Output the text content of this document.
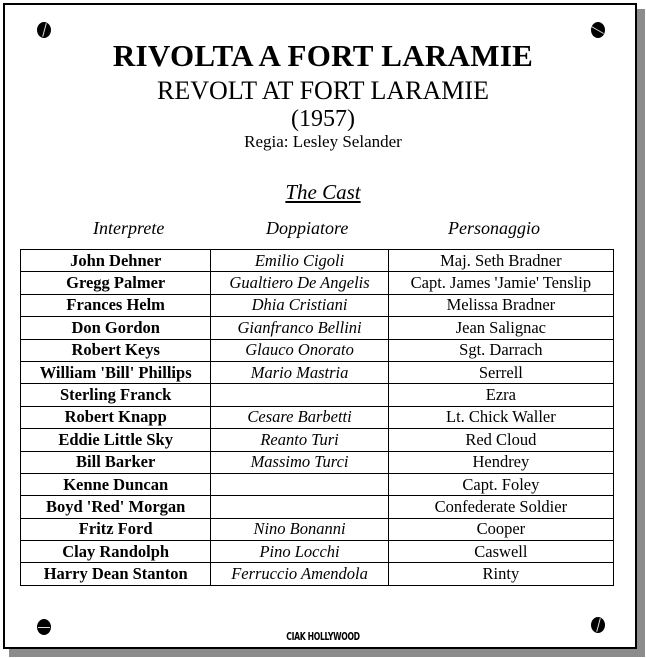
RIVOLTA A FORT LARAMIE
REVOLT AT FORT LARAMIE
(1957)
Regia: Lesley Selander
The Cast
Interprete	Doppiatore	Personaggio
John Dehner	Emilio Cigoli	Maj. Seth Bradner
Gregg Palmer	Gualtiero De Angelis	Capt. James 'Jamie' Tenslip
Frances Helm	Dhia Cristiani	Melissa Bradner
Don Gordon	Gianfranco Bellini	Jean Salignac
Robert Keys	Glauco Onorato	Sgt. Darrach
William 'Bill' Phillips	Mario Mastria	Serrell
Sterling Franck		Ezra
Robert Knapp	Cesare Barbetti	Lt. Chick Waller
Eddie Little Sky	Reanto Turi	Red Cloud
Bill Barker	Massimo Turci	Hendrey
Kenne Duncan		Capt. Foley
Boyd 'Red' Morgan		Confederate Soldier
Fritz Ford	Nino Bonanni	Cooper
Clay Randolph	Pino Locchi	Caswell
Harry Dean Stanton	Ferruccio Amendola	Rinty
CIAK HOLLYWOOD
